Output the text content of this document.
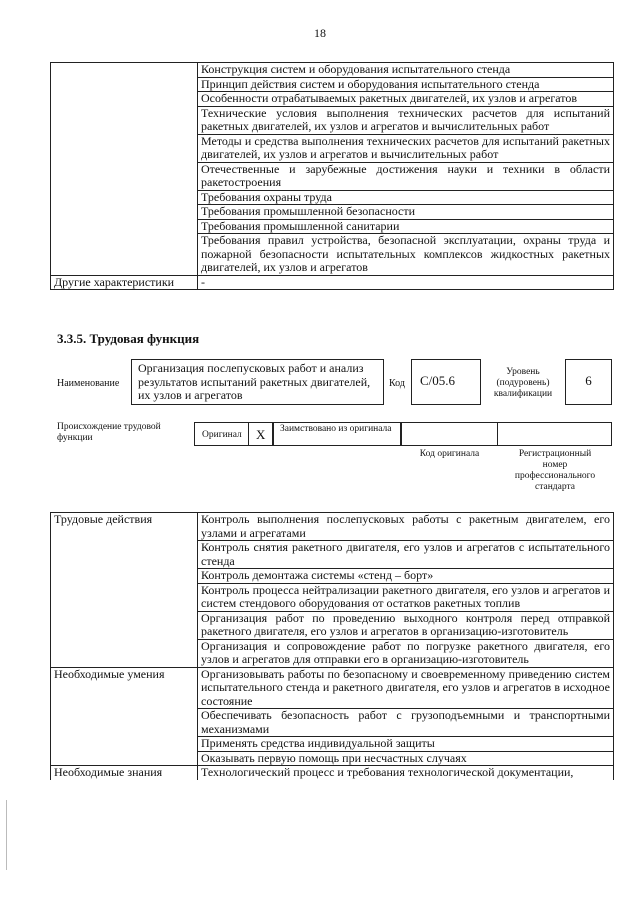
18
	Конструкция систем и оборудования испытательного стенда
	Принцип действия систем и оборудования испытательного стенда
	Особенности отрабатываемых ракетных двигателей, их узлов и агрегатов
	Технические условия выполнения технических расчетов для испытаний ракетных двигателей, их узлов и агрегатов и вычислительных работ
	Методы и средства выполнения технических расчетов для испытаний ракетных двигателей, их узлов и агрегатов и вычислительных работ
	Отечественные и зарубежные достижения науки и техники в области ракетостроения
	Требования охраны труда
	Требования промышленной безопасности
	Требования промышленной санитарии
	Требования правил устройства, безопасной эксплуатации, охраны труда и пожарной безопасности испытательных комплексов жидкостных ракетных двигателей, их узлов и агрегатов
Другие характеристики	-
3.3.5. Трудовая функция
Наименование
Организация послепусковых работ и анализ результатов испытаний ракетных двигателей, их узлов и агрегатов
Код	C/05.6
Уровень (подуровень) квалификации
6
Происхождение трудовой функции	Оригинал X Заимствовано из оригинала
Код оригинала	Регистрационный номер профессионального стандарта
Трудовые действия	Контроль выполнения послепусковых работы с ракетным двигателем, его узлами и агрегатами
	Контроль снятия ракетного двигателя, его узлов и агрегатов с испытательного стенда
	Контроль демонтажа системы «стенд – борт»
	Контроль процесса нейтрализации ракетного двигателя, его узлов и агрегатов и систем стендового оборудования от остатков ракетных топлив
	Организация работ по проведению выходного контроля перед отправкой ракетного двигателя, его узлов и агрегатов в организацию-изготовитель
	Организация и сопровождение работ по погрузке ракетного двигателя, его узлов и агрегатов для отправки его в организацию-изготовитель
Необходимые умения	Организовывать работы по безопасному и своевременному приведению систем испытательного стенда и ракетного двигателя, его узлов и агрегатов в исходное состояние
	Обеспечивать безопасность работ с грузоподъемными и транспортными механизмами
	Применять средства индивидуальной защиты
	Оказывать первую помощь при несчастных случаях
Необходимые знания	Технологический процесс и требования технологической документации,
